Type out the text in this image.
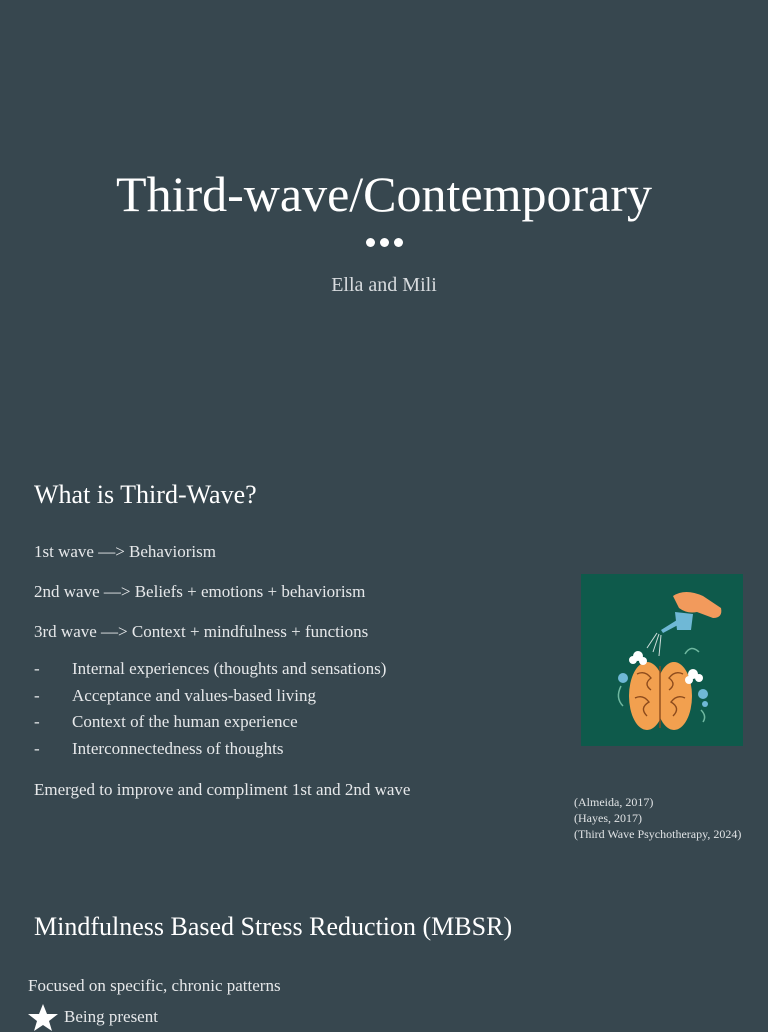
Third-wave/Contemporary
Ella and Mili
What is Third-Wave?
1st wave —> Behaviorism
2nd wave —> Beliefs + emotions + behaviorism
3rd wave —> Context + mindfulness + functions
-	Internal experiences (thoughts and sensations)
-	Acceptance and values-based living
-	Context of the human experience
-	Interconnectedness of thoughts
Emerged to improve and compliment 1st and 2nd wave
(Almeida, 2017)
(Hayes, 2017)
(Third Wave Psychotherapy, 2024)
Mindfulness Based Stress Reduction (MBSR)
Focused on specific, chronic patterns
Being present
